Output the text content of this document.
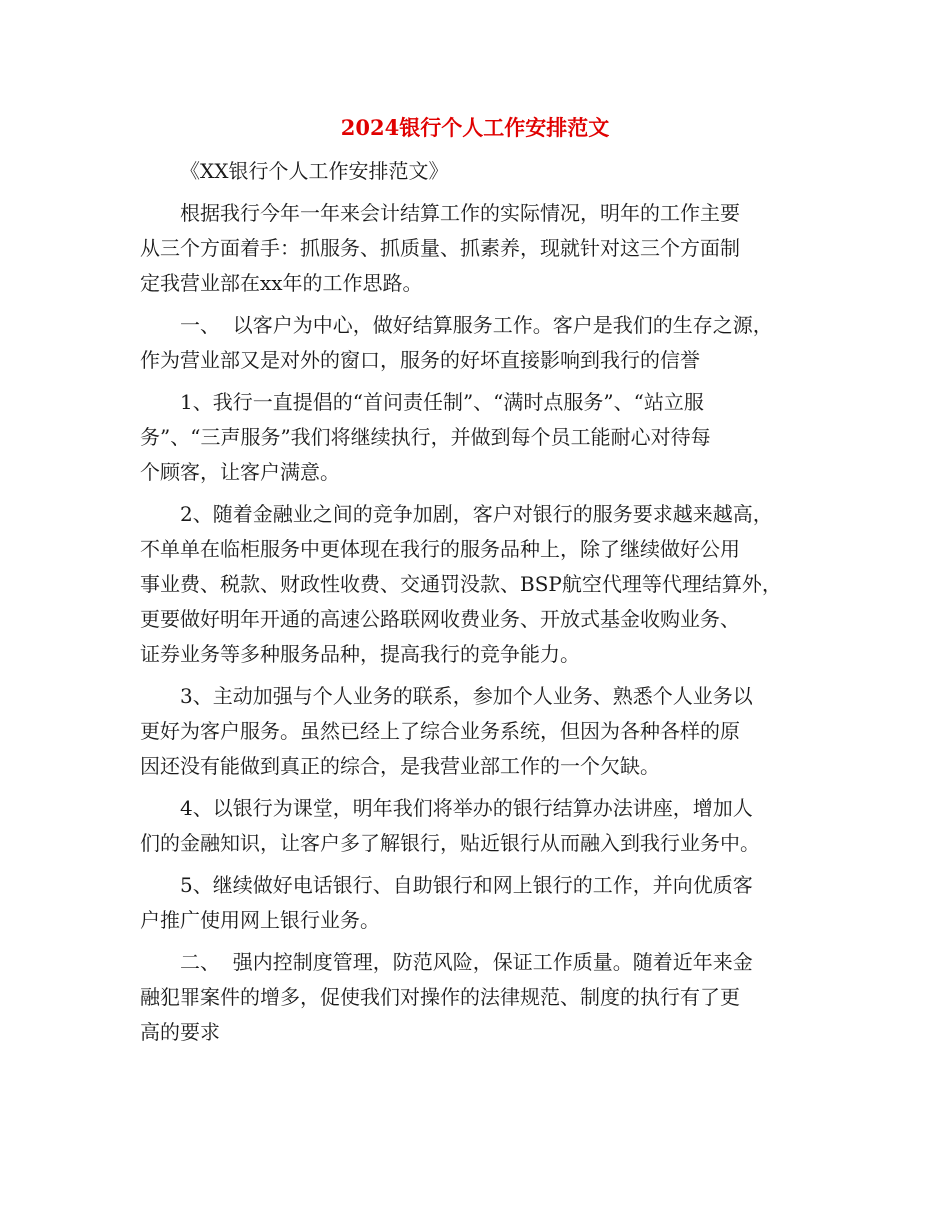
2024银行个人工作安排范文

《XX银行个人工作安排范文》

根据我行今年一年来会计结算工作的实际情况，明年的工作主要
从三个方面着手：抓服务、抓质量、抓素养，现就针对这三个方面制
定我营业部在xx年的工作思路。

一、  以客户为中心，做好结算服务工作。客户是我们的生存之源，
作为营业部又是对外的窗口，服务的好坏直接影响到我行的信誉

1、我行一直提倡的“首问责任制”、“满时点服务”、“站立服
务”、“三声服务”我们将继续执行，并做到每个员工能耐心对待每
个顾客，让客户满意。

2、随着金融业之间的竞争加剧，客户对银行的服务要求越来越高，
不单单在临柜服务中更体现在我行的服务品种上，除了继续做好公用
事业费、税款、财政性收费、交通罚没款、BSP航空代理等代理结算外，
更要做好明年开通的高速公路联网收费业务、开放式基金收购业务、
证券业务等多种服务品种，提高我行的竞争能力。

3、主动加强与个人业务的联系，参加个人业务、熟悉个人业务以
更好为客户服务。虽然已经上了综合业务系统，但因为各种各样的原
因还没有能做到真正的综合，是我营业部工作的一个欠缺。

4、以银行为课堂，明年我们将举办的银行结算办法讲座，增加人
们的金融知识，让客户多了解银行，贴近银行从而融入到我行业务中。

5、继续做好电话银行、自助银行和网上银行的工作，并向优质客
户推广使用网上银行业务。

二、  强内控制度管理，防范风险，保证工作质量。随着近年来金
融犯罪案件的增多，促使我们对操作的法律规范、制度的执行有了更
高的要求
